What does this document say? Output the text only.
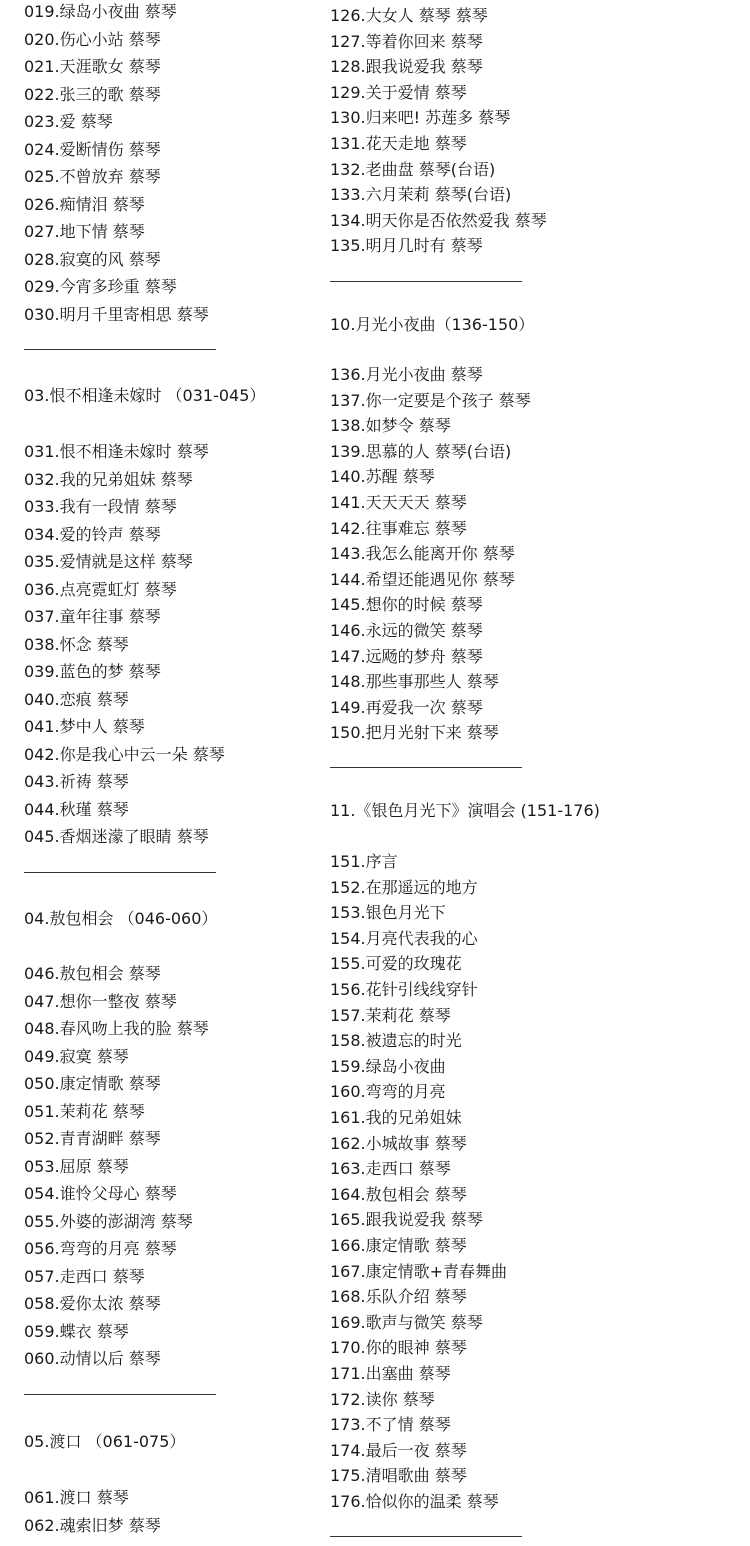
019.绿岛小夜曲 蔡琴
020.伤心小站 蔡琴
021.天涯歌女 蔡琴
022.张三的歌 蔡琴
023.爱 蔡琴
024.爱断情伤 蔡琴
025.不曾放弃 蔡琴
026.痴情泪 蔡琴
027.地下情 蔡琴
028.寂寞的风 蔡琴
029.今宵多珍重 蔡琴
030.明月千里寄相思 蔡琴
03.恨不相逢未嫁时 （031-045）
031.恨不相逢未嫁时 蔡琴
032.我的兄弟姐妹 蔡琴
033.我有一段情 蔡琴
034.爱的铃声 蔡琴
035.爱情就是这样 蔡琴
036.点亮霓虹灯 蔡琴
037.童年往事 蔡琴
038.怀念 蔡琴
039.蓝色的梦 蔡琴
040.恋痕 蔡琴
041.梦中人 蔡琴
042.你是我心中云一朵 蔡琴
043.祈祷 蔡琴
044.秋瑾 蔡琴
045.香烟迷濛了眼睛 蔡琴
04.敖包相会 （046-060）
046.敖包相会 蔡琴
047.想你一整夜 蔡琴
048.春风吻上我的脸 蔡琴
049.寂寞 蔡琴
050.康定情歌 蔡琴
051.茉莉花 蔡琴
052.青青湖畔 蔡琴
053.屈原 蔡琴
054.谁怜父母心 蔡琴
055.外婆的澎湖湾 蔡琴
056.弯弯的月亮 蔡琴
057.走西口 蔡琴
058.爱你太浓 蔡琴
059.蝶衣 蔡琴
060.动情以后 蔡琴
05.渡口 （061-075）
061.渡口 蔡琴
062.魂索旧梦 蔡琴
126.大女人 蔡琴 蔡琴
127.等着你回来 蔡琴
128.跟我说爱我 蔡琴
129.关于爱情 蔡琴
130.归来吧! 苏莲多 蔡琴
131.花天走地 蔡琴
132.老曲盘 蔡琴(台语)
133.六月茉莉 蔡琴(台语)
134.明天你是否依然爱我 蔡琴
135.明月几时有 蔡琴
10.月光小夜曲（136-150）
136.月光小夜曲 蔡琴
137.你一定要是个孩子 蔡琴
138.如梦令 蔡琴
139.思慕的人 蔡琴(台语)
140.苏醒 蔡琴
141.天天天天 蔡琴
142.往事难忘 蔡琴
143.我怎么能离开你 蔡琴
144.希望还能遇见你 蔡琴
145.想你的时候 蔡琴
146.永远的微笑 蔡琴
147.远飏的梦舟 蔡琴
148.那些事那些人 蔡琴
149.再爱我一次 蔡琴
150.把月光射下来 蔡琴
11.《银色月光下》演唱会 (151-176)
151.序言
152.在那遥远的地方
153.银色月光下
154.月亮代表我的心
155.可爱的玫瑰花
156.花针引线线穿针
157.茉莉花 蔡琴
158.被遗忘的时光
159.绿岛小夜曲
160.弯弯的月亮
161.我的兄弟姐妹
162.小城故事 蔡琴
163.走西口 蔡琴
164.敖包相会 蔡琴
165.跟我说爱我 蔡琴
166.康定情歌 蔡琴
167.康定情歌+青春舞曲
168.乐队介绍 蔡琴
169.歌声与微笑 蔡琴
170.你的眼神 蔡琴
171.出塞曲 蔡琴
172.读你 蔡琴
173.不了情 蔡琴
174.最后一夜 蔡琴
175.清唱歌曲 蔡琴
176.恰似你的温柔 蔡琴
